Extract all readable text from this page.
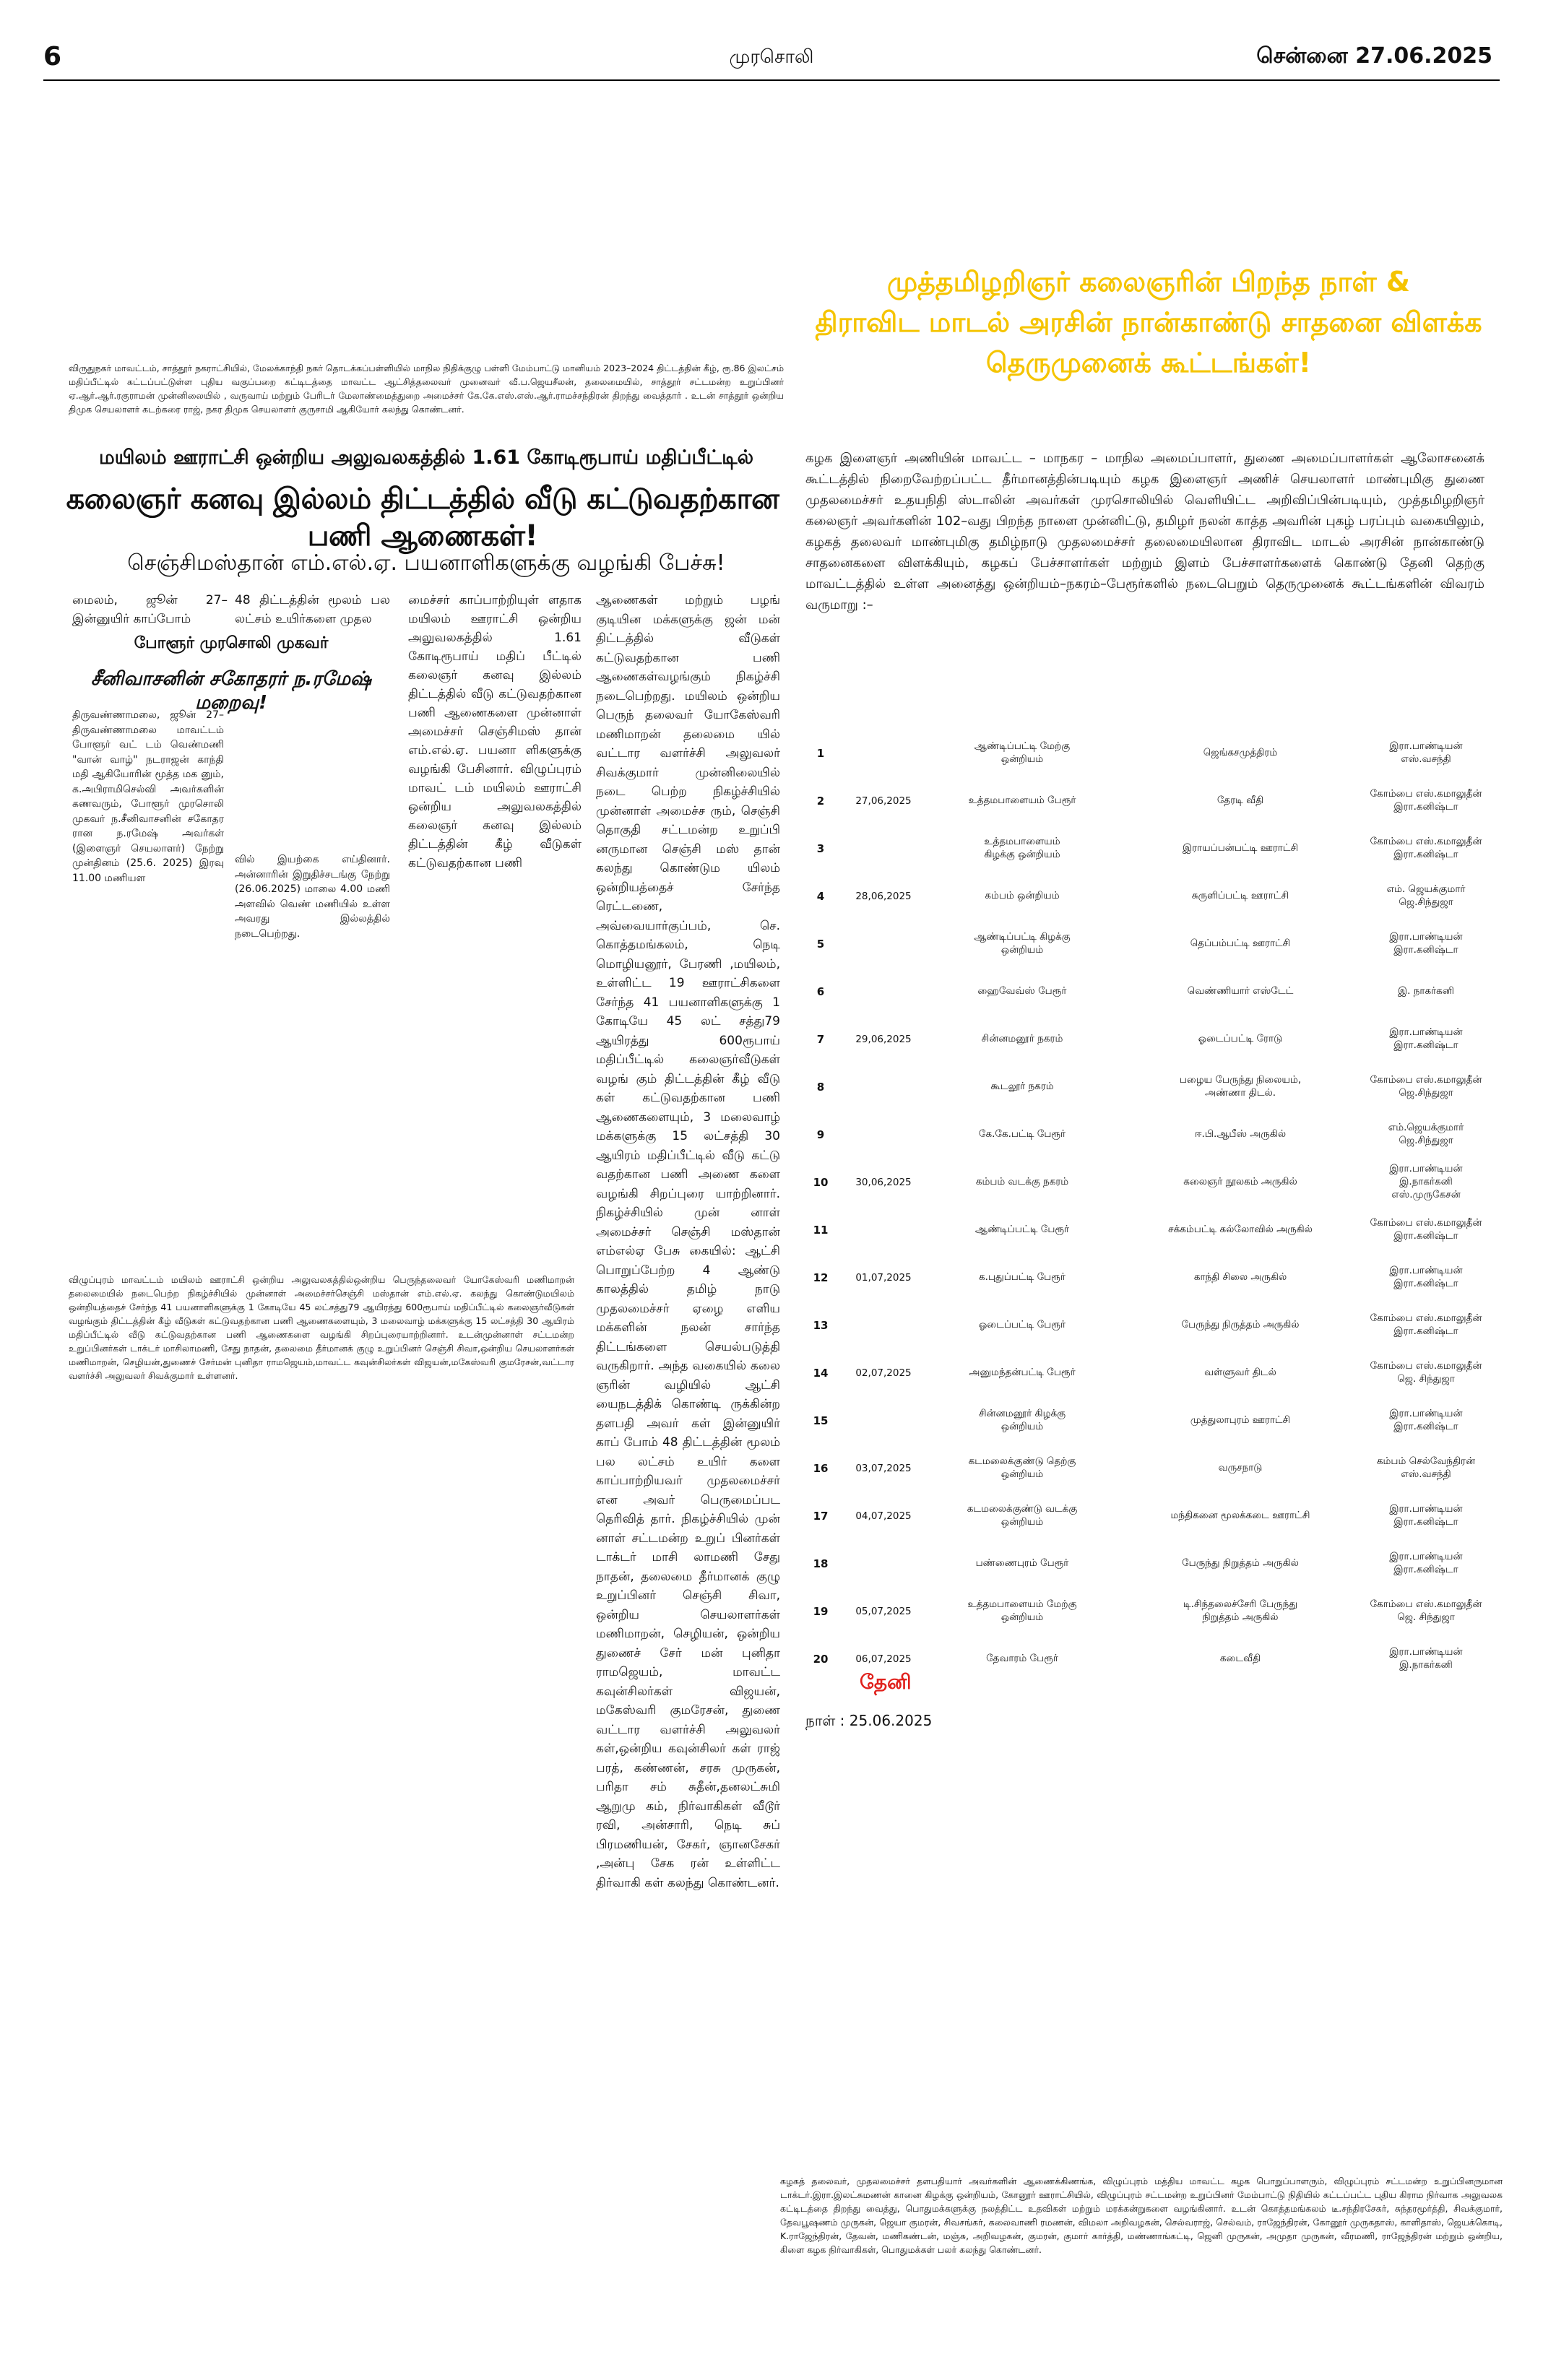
6	முரசொலி	சென்னை 27.06.2025
விருதுநகர் மாவட்டம், சாத்தூர் நகராட்சியில், மேலக்காந்தி நகர் தொடக்கப்பள்ளியில் மாநில நிதிக்குழு பள்ளி மேம்பாட்டு மானியம் 2023–2024 திட்டத்தின் கீழ், ரூ.86 இலட்சம் மதிப்பீட்டில் கட்டப்பட்டுள்ள புதிய வகுப்பறை கட்டிடத்தை மாவட்ட ஆட்சித்தலைவர் முனைவர் வீ.ப.ஜெயசீலன், தலைமையில், சாத்தூர் சட்டமன்ற உறுப்பினர் ஏ.ஆர்.ஆர்.ரகுராமன் முன்னிலையில் , வருவாய் மற்றும் பேரிடர் மேலாண்மைத்துறை அமைச்சர் கே.கே.எஸ்.எஸ்.ஆர்.ராமச்சந்திரன் திறந்து வைத்தார் . உடன் சாத்தூர் ஒன்றிய திமுக செயலாளர் கடற்கரை ராஜ், நகர திமுக செயலாளர் குருசாமி ஆகியோர் கலந்து கொண்டனர்.
மயிலம் ஊராட்சி ஒன்றிய அலுவலகத்தில் 1.61 கோடிரூபாய் மதிப்பீட்டில்
கலைஞர் கனவு இல்லம் திட்டத்தில் வீடு கட்டுவதற்கான பணி ஆணைகள்!
செஞ்சிமஸ்தான் எம்.எல்.ஏ. பயனாளிகளுக்கு வழங்கி பேச்சு!
மைலம், ஜூன் 27– இன்னுயிர் காப்போம்
48 திட்டத்தின் மூலம் பல லட்சம் உயிர்களை முதல
போளூர் முரசொலி முகவர்
சீனிவாசனின் சகோதரர் ந.ரமேஷ் மறைவு!
திருவண்ணாமலை, ஜூன் 27– திருவண்ணாமலை மாவட்டம் போளூர் வட் டம் வெண்மணி "வான் வாழ்" நடராஜன் காந்தி மதி ஆகியோரின் மூத்த மக னும், க.அபிராமிசெல்வி அவர்களின் கணவரும், போளூர் முரசொலி முகவர் ந.சீனிவாசனின் சகோதர ரான ந.ரமேஷ் அவர்கள் (இளைஞர் செயலாளர்) நேற்று முன்தினம் (25.6. 2025) இரவு 11.00 மணியள
வில் இயற்கை எய்தினார். அன்னாரின் இறுதிச்சடங்கு நேற்று (26.06.2025) மாலை 4.00 மணி அளவில் வெண் மணியில் உள்ள அவரது இல்லத்தில் நடைபெற்றது.
மைச்சர் காப்பாற்றியுள் ளதாக மயிலம் ஊராட்சி ஒன்றிய அலுவலகத்தில் 1.61 கோடிரூபாய் மதிப் பீட்டில் கலைஞர் கனவு இல்லம் திட்டத்தில் வீடு கட்டுவதற்கான பணி ஆணைகளை முன்னாள் அமைச்சர் செஞ்சிமஸ் தான் எம்.எல்.ஏ. பயனா ளிகளுக்கு வழங்கி பேசினார். விழுப்புரம் மாவட் டம் மயிலம் ஊராட்சி ஒன்றிய அலுவலகத்தில் கலைஞர் கனவு இல்லம் திட்டத்தின் கீழ் வீடுகள் கட்டுவதற்கான பணி
ஆணைகள் மற்றும் பழங் குடியின மக்களுக்கு ஜன் மன் திட்டத்தில் வீடுகள் கட்டுவதற்கான பணி ஆணைகள்வழங்கும் நிகழ்ச்சி நடைபெற்றது. மயிலம் ஒன்றிய பெருந் தலைவர் யோகேஸ்வரி மணிமாறன் தலைமை யில் வட்டார வளர்ச்சி அலுவலர் சிவக்குமார் முன்னிலையில் நடை பெற்ற நிகழ்ச்சியில் முன்னாள் அமைச்ச ரும், செஞ்சி தொகுதி சட்டமன்ற உறுப்பி னருமான செஞ்சி மஸ் தான் கலந்து கொண்டும யிலம் ஒன்றியத்தைச் சேர்ந்த ரெட்டணை, அவ்வையார்குப்பம், செ. கொத்தமங்கலம், நெடி மொழியனூர், பேரணி ,மயிலம், உள்ளிட்ட 19 ஊராட்சிகளை சேர்ந்த 41 பயனாளிகளுக்கு 1 கோடியே 45 லட் சத்து79 ஆயிரத்து 600ரூபாய் மதிப்பீட்டில் கலைஞர்வீடுகள் வழங் கும் திட்டத்தின் கீழ் வீடு கள் கட்டுவதற்கான பணி ஆணைகளையும், 3 மலைவாழ் மக்களுக்கு 15 லட்சத்தி 30 ஆயிரம் மதிப்பீட்டில் வீடு கட்டு வதற்கான பணி அணை களை வழங்கி சிறப்புரை யாற்றினார். நிகழ்ச்சியில் முன் னாள் அமைச்சர் செஞ்சி மஸ்தான் எம்எல்ஏ பேசு கையில்: ஆட்சி பொறுப்பேற்ற 4 ஆண்டு காலத்தில் தமிழ் நாடு முதலமைச்சர் ஏழை எளிய மக்களின் நலன் சார்ந்த திட்டங்களை செயல்படுத்தி வருகிறார். அந்த வகையில் கலை ஞரின் வழியில் ஆட்சி யைநடத்திக் கொண்டி ருக்கின்ற தளபதி அவர் கள் இன்னுயிர் காப் போம் 48 திட்டத்தின் மூலம் பல லட்சம் உயிர் களை காப்பாற்றியவர் முதலமைச்சர் என அவர் பெருமைப்பட தெரிவித் தார். நிகழ்ச்சியில் முன் னாள் சட்டமன்ற உறுப் பினர்கள் டாக்டர் மாசி லாமணி சேது நாதன், தலைமை தீர்மானக் குழு உறுப்பினர் செஞ்சி சிவா, ஒன்றிய செயலாளர்கள் மணிமாறன், செழியன், ஒன்றிய துணைச் சேர் மன் புனிதா ராமஜெயம், மாவட்ட கவுன்சிலர்கள் விஜயன், மகேஸ்வரி குமரேசன், துணை வட்டார வளர்ச்சி அலுவலர் கள்,ஒன்றிய கவுன்சிலர் கள் ராஜ் பரத், கண்ணன், சரசு முருகன், பரிதா சம் சுதீன்,தனலட்சுமி ஆறுமு கம், நிர்வாகிகள் வீடூர் ரவி, அன்சாரி, நெடி சுப் பிரமணியன், சேகர், ஞானசேகர் ,அன்பு சேக ரன் உள்ளிட்ட திர்வாகி கள் கலந்து கொண்டனர்.
விழுப்புரம் மாவட்டம் மயிலம் ஊராட்சி ஒன்றிய அலுவலகத்தில்ஒன்றிய பெருந்தலைவர் யோகேஸ்வரி மணிமாறன் தலைமையில் நடைபெற்ற நிகழ்ச்சியில் முன்னாள் அமைச்சர்செஞ்சி மஸ்தான் எம்.எல்.ஏ. கலந்து கொண்டுமயிலம் ஒன்றியத்தைச் சேர்ந்த 41 பயனாளிகளுக்கு 1 கோடியே 45 லட்சத்து79 ஆயிரத்து 600ரூபாய் மதிப்பீட்டில் கலைஞர்வீடுகள் வழங்கும் திட்டத்தின் கீழ் வீடுகள் கட்டுவதற்கான பணி ஆணைகளையும், 3 மலைவாழ் மக்களுக்கு 15 லட்சத்தி 30 ஆயிரம் மதிப்பீட்டில் வீடு கட்டுவதற்கான பணி ஆணைகளை வழங்கி சிறப்புரையாற்றினார். உடன்முன்னாள் சட்டமன்ற உறுப்பினர்கள் டாக்டர் மாசிலாமணி, சேது நாதன், தலைமை தீர்மானக் குழு உறுப்பினர் செஞ்சி சிவா,ஒன்றிய செயலாளர்கள் மணிமாறன், செழியன்,துணைச் சேர்மன் புனிதா ராமஜெயம்,மாவட்ட கவுன்சிலர்கள் விஜயன்,மகேஸ்வரி குமரேசன்,வட்டார வளர்ச்சி அலுவலர் சிவக்குமார் உள்ளனர்.
முத்தமிழறிஞர் கலைஞரின் பிறந்த நாள் &
திராவிட மாடல் அரசின் நான்காண்டு சாதனை விளக்க
தெருமுனைக் கூட்டங்கள்!
கழக இளைஞர் அணியின் மாவட்ட – மாநகர – மாநில அமைப்பாளர், துணை அமைப்பாளர்கள் ஆலோசனைக் கூட்டத்தில் நிறைவேற்றப்பட்ட தீர்மானத்தின்படியும் கழக இளைஞர் அணிச் செயலாளர் மாண்புமிகு துணை முதலமைச்சர் உதயநிதி ஸ்டாலின் அவர்கள் முரசொலியில் வெளியிட்ட அறிவிப்பின்படியும், முத்தமிழறிஞர் கலைஞர் அவர்களின் 102–வது பிறந்த நாளை முன்னிட்டு, தமிழர் நலன் காத்த அவரின் புகழ் பரப்பும் வகையிலும், கழகத் தலைவர் மாண்புமிகு தமிழ்நாடு முதலமைச்சர் தலைமையிலான திராவிட மாடல் அரசின் நான்காண்டு சாதனைகளை விளக்கியும், கழகப் பேச்சாளர்கள் மற்றும் இளம் பேச்சாளர்களைக் கொண்டு தேனி தெற்கு மாவட்டத்தில் உள்ள அனைத்து ஒன்றியம்–நகரம்–பேரூர்களில் நடைபெறும் தெருமுனைக் கூட்டங்களின் விவரம் வருமாறு :–
1		ஆண்டிப்பட்டி மேற்கு
ஒன்றியம்	ஜெங்கசமுத்திரம்	இரா.பாண்டியன்
எஸ்.வசந்தி
2	27,06,2025	உத்தமபாளையம் பேரூர்	தேரடி வீதி	கோம்பை எஸ்.கமாலுதீன்
இரா.கனிஷ்டா
3		உத்தமபாளையம்
கிழக்கு ஒன்றியம்	இராயப்பன்பட்டி ஊராட்சி	கோம்பை எஸ்.கமாலுதீன்
இரா.கனிஷ்டா
4	28,06,2025	கம்பம் ஒன்றியம்	சுருளிப்பட்டி ஊராட்சி	எம். ஜெயக்குமார்
ஜெ.சிந்துஜா
5		ஆண்டிப்பட்டி கிழக்கு
ஒன்றியம்	தெப்பம்பட்டி ஊராட்சி	இரா.பாண்டியன்
இரா.கனிஷ்டா
6		ஹைவேவ்ஸ் பேரூர்	வெண்ணியார் எஸ்டேட்	இ. நாகர்கனி
7	29,06,2025	சின்னமனூர் நகரம்	ஓடைப்பட்டி ரோடு	இரா.பாண்டியன்
இரா.கனிஷ்டா
8		கூடலூர் நகரம்	பழைய பேருந்து நிலையம்,
அண்ணா திடல்.	கோம்பை எஸ்.கமாலுதீன்
ஜெ.சிந்துஜா
9		கே.கே.பட்டி பேரூர்	ஈ.பி.ஆபீஸ் அருகில்	எம்.ஜெயக்குமார்
ஜெ.சிந்துஜா
10	30,06,2025	கம்பம் வடக்கு நகரம்	கலைஞர் நூலகம் அருகில்	இரா.பாண்டியன்
இ.நாகர்கனி
எஸ்.முருகேசன்
11		ஆண்டிப்பட்டி பேரூர்	சக்கம்பட்டி கல்லோவில் அருகில்	கோம்பை எஸ்.கமாலுதீன்
இரா.கனிஷ்டா
12	01,07,2025	க.புதுப்பட்டி பேரூர்	காந்தி சிலை அருகில்	இரா.பாண்டியன்
இரா.கனிஷ்டா
13		ஓடைப்பட்டி பேரூர்	பேருந்து நிருத்தம் அருகில்	கோம்பை எஸ்.கமாலுதீன்
இரா.கனிஷ்டா
14	02,07,2025	அனுமந்தன்பட்டி பேரூர்	வள்ளுவர் திடல்	கோம்பை எஸ்.கமாலுதீன்
ஜெ. சிந்துஜா
15		சின்னமனூர் கிழக்கு
ஒன்றியம்	முத்துலாபுரம் ஊராட்சி	இரா.பாண்டியன்
இரா.கனிஷ்டா
16	03,07,2025	கடமலைக்குண்டு தெற்கு
ஒன்றியம்	வருசநாடு	கம்பம் செல்வேந்திரன்
எஸ்.வசந்தி
17	04,07,2025	கடமலைக்குண்டு வடக்கு
ஒன்றியம்	மந்திகனை மூலக்கடை ஊராட்சி	இரா.பாண்டியன்
இரா.கனிஷ்டா
18		பண்ணைபுரம் பேரூர்	பேருந்து நிறுத்தம் அருகில்	இரா.பாண்டியன்
இரா.கனிஷ்டா
19	05,07,2025	உத்தமபாளையம் மேற்கு
ஒன்றியம்	டி.சிந்தலைச்சேரி பேருந்து
நிறுத்தம் அருகில்	கோம்பை எஸ்.கமாலுதீன்
ஜெ. சிந்துஜா
20	06,07,2025	தேவாரம் பேரூர்	கடைவீதி	இரா.பாண்டியன்
இ.நாகர்கனி
தேனி
நாள் : 25.06.2025
கழகத் தலைவர், முதலமைச்சர் தளபதியார் அவர்களின் ஆணைக்கிணங்க, விழுப்புரம் மத்திய மாவட்ட கழக பொறுப்பாளரும், விழுப்புரம் சட்டமன்ற உறுப்பினருமான டாக்டர்.இரா.இலட்சுமணன் கானை கிழக்கு ஒன்றியம், கோனூர் ஊராட்சியில், விழுப்புரம் சட்டமன்ற உறுப்பினர் மேம்பாட்டு நிதியில் கட்டப்பட்ட புதிய கிராம நிர்வாக அலுவலக கட்டிடத்தை திறந்து வைத்து, பொதுமக்களுக்கு நலத்திட்ட உதவிகள் மற்றும் மரக்கன்றுகளை வழங்கினார். உடன் கொத்தமங்கலம் டீ.சந்திரசேகர், சுந்தரமூர்த்தி, சிவக்குமார், தேவபூஷணம் முருகன், ஜெயா குமரன், சிவசங்கர், கலைவாணி ரமணன், விமலா அறிவழகன், செல்வராஜ், செல்வம், ராஜேந்திரன், கோனூர் முருகதாஸ், காளிதாஸ், ஜெயக்கொடி, K.ராஜேந்திரன், தேவன், மணிகண்டன், மஞ்சு, அறிவழகன், குமரன், குமார் கார்த்தி, மண்ணாங்கட்டி, ஜெனி முருகன், அமுதா முருகன், வீரமணி, ராஜேந்திரன் மற்றும் ஒன்றிய, கிளை கழக நிர்வாகிகள், பொதுமக்கள் பலர் கலந்து கொண்டனர்.
